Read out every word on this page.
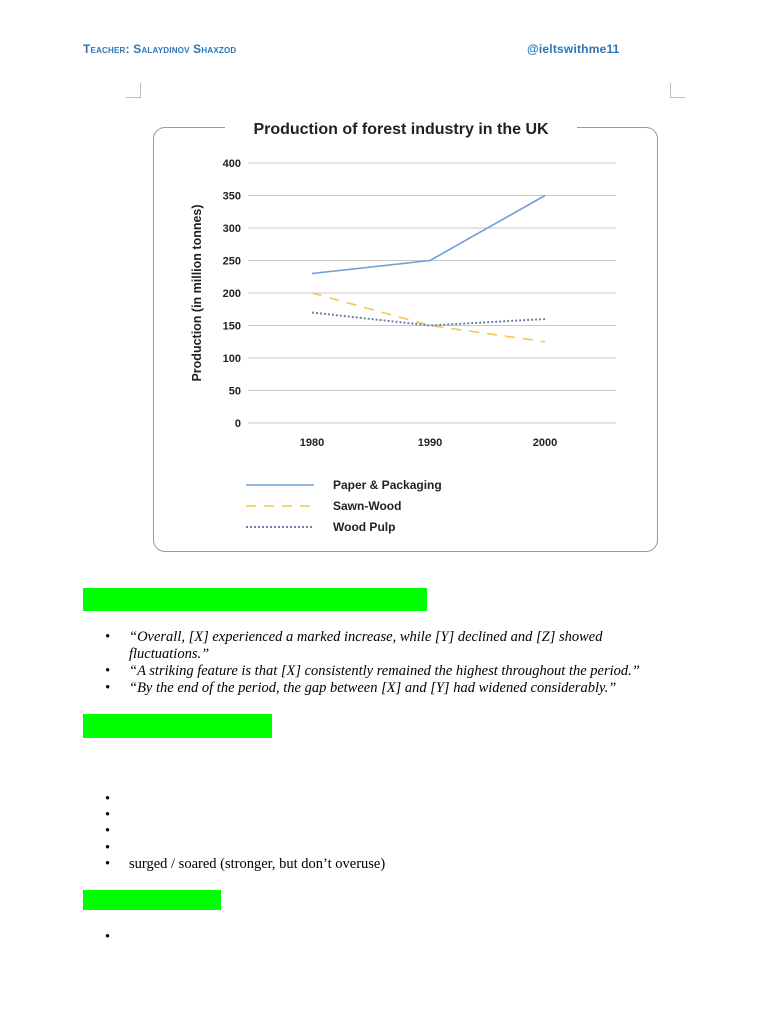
Teacher: Salaydinov Shaxzod	@ieltswithme11
Production of forest industry in the UK
Production (in million tonnes)
0
50
100
150
200
250
300
350
400
1980	1990	2000
Paper & Packaging
Sawn-Wood
Wood Pulp
• “Overall, [X] experienced a marked increase, while [Y] declined and [Z] showed fluctuations.”
• “A striking feature is that [X] consistently remained the highest throughout the period.”
• “By the end of the period, the gap between [X] and [Y] had widened considerably.”
•
•
•
•
• surged / soared (stronger, but don’t overuse)
